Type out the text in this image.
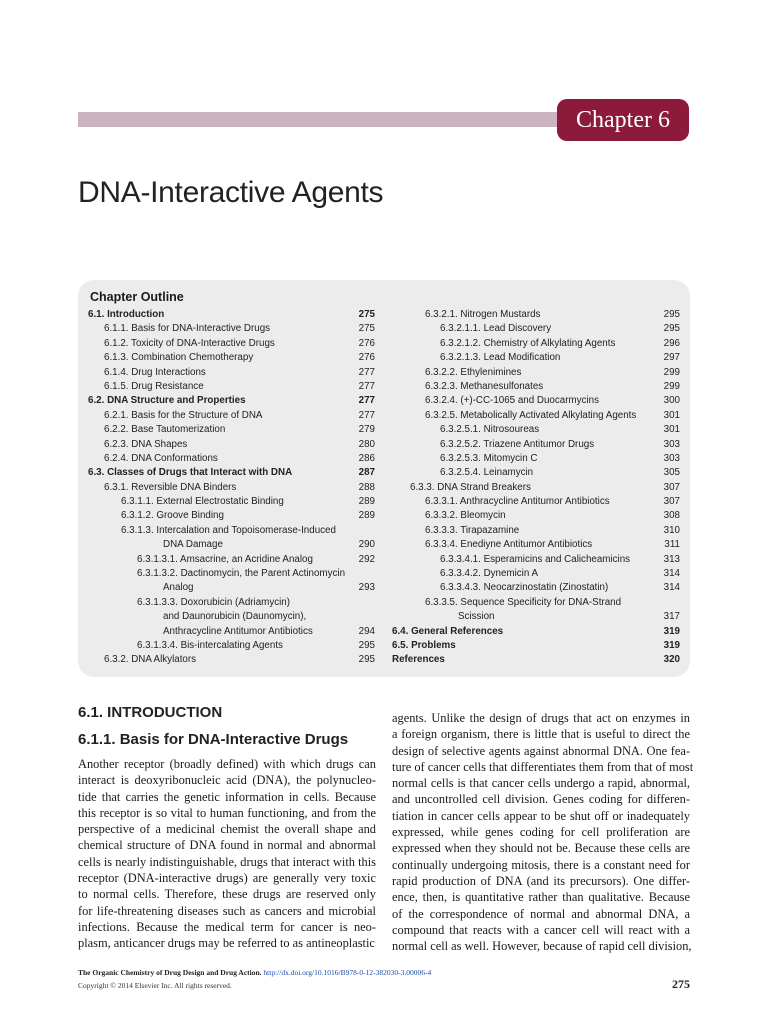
Chapter 6
DNA-Interactive Agents
Chapter Outline
6.1. Introduction	275
6.1.1. Basis for DNA-Interactive Drugs	275
6.1.2. Toxicity of DNA-Interactive Drugs	276
6.1.3. Combination Chemotherapy	276
6.1.4. Drug Interactions	277
6.1.5. Drug Resistance	277
6.2. DNA Structure and Properties	277
6.2.1. Basis for the Structure of DNA	277
6.2.2. Base Tautomerization	279
6.2.3. DNA Shapes	280
6.2.4. DNA Conformations	286
6.3. Classes of Drugs that Interact with DNA	287
6.3.1. Reversible DNA Binders	288
6.3.1.1. External Electrostatic Binding	289
6.3.1.2. Groove Binding	289
6.3.1.3. Intercalation and Topoisomerase-Induced
DNA Damage	290
6.3.1.3.1. Amsacrine, an Acridine Analog	292
6.3.1.3.2. Dactinomycin, the Parent Actinomycin
Analog	293
6.3.1.3.3. Doxorubicin (Adriamycin)
and Daunorubicin (Daunomycin),
Anthracycline Antitumor Antibiotics	294
6.3.1.3.4. Bis-intercalating Agents	295
6.3.2. DNA Alkylators	295
6.3.2.1. Nitrogen Mustards	295
6.3.2.1.1. Lead Discovery	295
6.3.2.1.2. Chemistry of Alkylating Agents	296
6.3.2.1.3. Lead Modification	297
6.3.2.2. Ethylenimines	299
6.3.2.3. Methanesulfonates	299
6.3.2.4. (+)-CC-1065 and Duocarmycins	300
6.3.2.5. Metabolically Activated Alkylating Agents	301
6.3.2.5.1. Nitrosoureas	301
6.3.2.5.2. Triazene Antitumor Drugs	303
6.3.2.5.3. Mitomycin C	303
6.3.2.5.4. Leinamycin	305
6.3.3. DNA Strand Breakers	307
6.3.3.1. Anthracycline Antitumor Antibiotics	307
6.3.3.2. Bleomycin	308
6.3.3.3. Tirapazamine	310
6.3.3.4. Enediyne Antitumor Antibiotics	311
6.3.3.4.1. Esperamicins and Calicheamicins	313
6.3.3.4.2. Dynemicin A	314
6.3.3.4.3. Neocarzinostatin (Zinostatin)	314
6.3.3.5. Sequence Specificity for DNA-Strand
Scission	317
6.4. General References	319
6.5. Problems	319
References	320
6.1. INTRODUCTION
6.1.1. Basis for DNA-Interactive Drugs
Another receptor (broadly defined) with which drugs can
interact is deoxyribonucleic acid (DNA), the polynucleo-
tide that carries the genetic information in cells. Because
this receptor is so vital to human functioning, and from the
perspective of a medicinal chemist the overall shape and
chemical structure of DNA found in normal and abnormal
cells is nearly indistinguishable, drugs that interact with this
receptor (DNA-interactive drugs) are generally very toxic
to normal cells. Therefore, these drugs are reserved only
for life-threatening diseases such as cancers and microbial
infections. Because the medical term for cancer is neo-
plasm, anticancer drugs may be referred to as antineoplastic
agents. Unlike the design of drugs that act on enzymes in
a foreign organism, there is little that is useful to direct the
design of selective agents against abnormal DNA. One fea-
ture of cancer cells that differentiates them from that of most
normal cells is that cancer cells undergo a rapid, abnormal,
and uncontrolled cell division. Genes coding for differen-
tiation in cancer cells appear to be shut off or inadequately
expressed, while genes coding for cell proliferation are
expressed when they should not be. Because these cells are
continually undergoing mitosis, there is a constant need for
rapid production of DNA (and its precursors). One differ-
ence, then, is quantitative rather than qualitative. Because
of the correspondence of normal and abnormal DNA, a
compound that reacts with a cancer cell will react with a
normal cell as well. However, because of rapid cell division,
The Organic Chemistry of Drug Design and Drug Action. http://dx.doi.org/10.1016/B978-0-12-382030-3.00006-4
Copyright © 2014 Elsevier Inc. All rights reserved.	275
